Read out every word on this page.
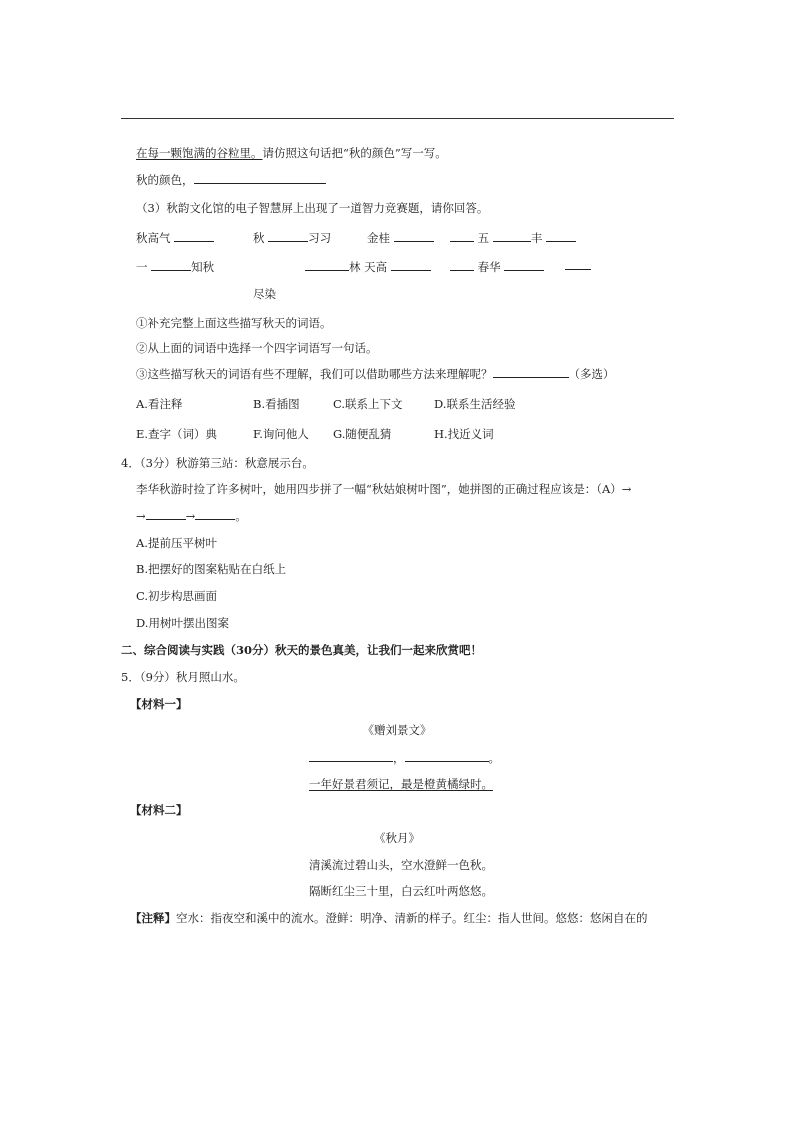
在每一颗饱满的谷粒里。请仿照这句话把“秋的颜色”写一写。
秋的颜色，
（3）秋韵文化馆的电子智慧屏上出现了一道智力竞赛题，请你回答。
秋高气	秋	习习	金桂	五	丰
一	知秋	林 天高	春华
尽染
①补充完整上面这些描写秋天的词语。
②从上面的词语中选择一个四字词语写一句话。
③这些描写秋天的词语有些不理解，我们可以借助哪些方法来理解呢？	（多选）
A.看注释	B.看插图	C.联系上下文	D.联系生活经验
E.查字（词）典	F.询问他人 G.随便乱猜	H.找近义词
4．（3分）秋游第三站：秋意展示台。
李华秋游时捡了许多树叶，她用四步拼了一幅“秋姑娘树叶图”，她拼图的正确过程应该是：（A）→
→	→	。
A.提前压平树叶
B.把摆好的图案粘贴在白纸上
C.初步构思画面
D.用树叶摆出图案
二、综合阅读与实践（30分）秋天的景色真美，让我们一起来欣赏吧！
5．（9分）秋月照山水。
【材料一】
《赠刘景文》
，	。
一年好景君须记，最是橙黄橘绿时。
【材料二】
《秋月》
清溪流过碧山头，空水澄鲜一色秋。
隔断红尘三十里，白云红叶两悠悠。
【注释】空水：指夜空和溪中的流水。澄鲜：明净、清新的样子。红尘：指人世间。悠悠：悠闲自在的
